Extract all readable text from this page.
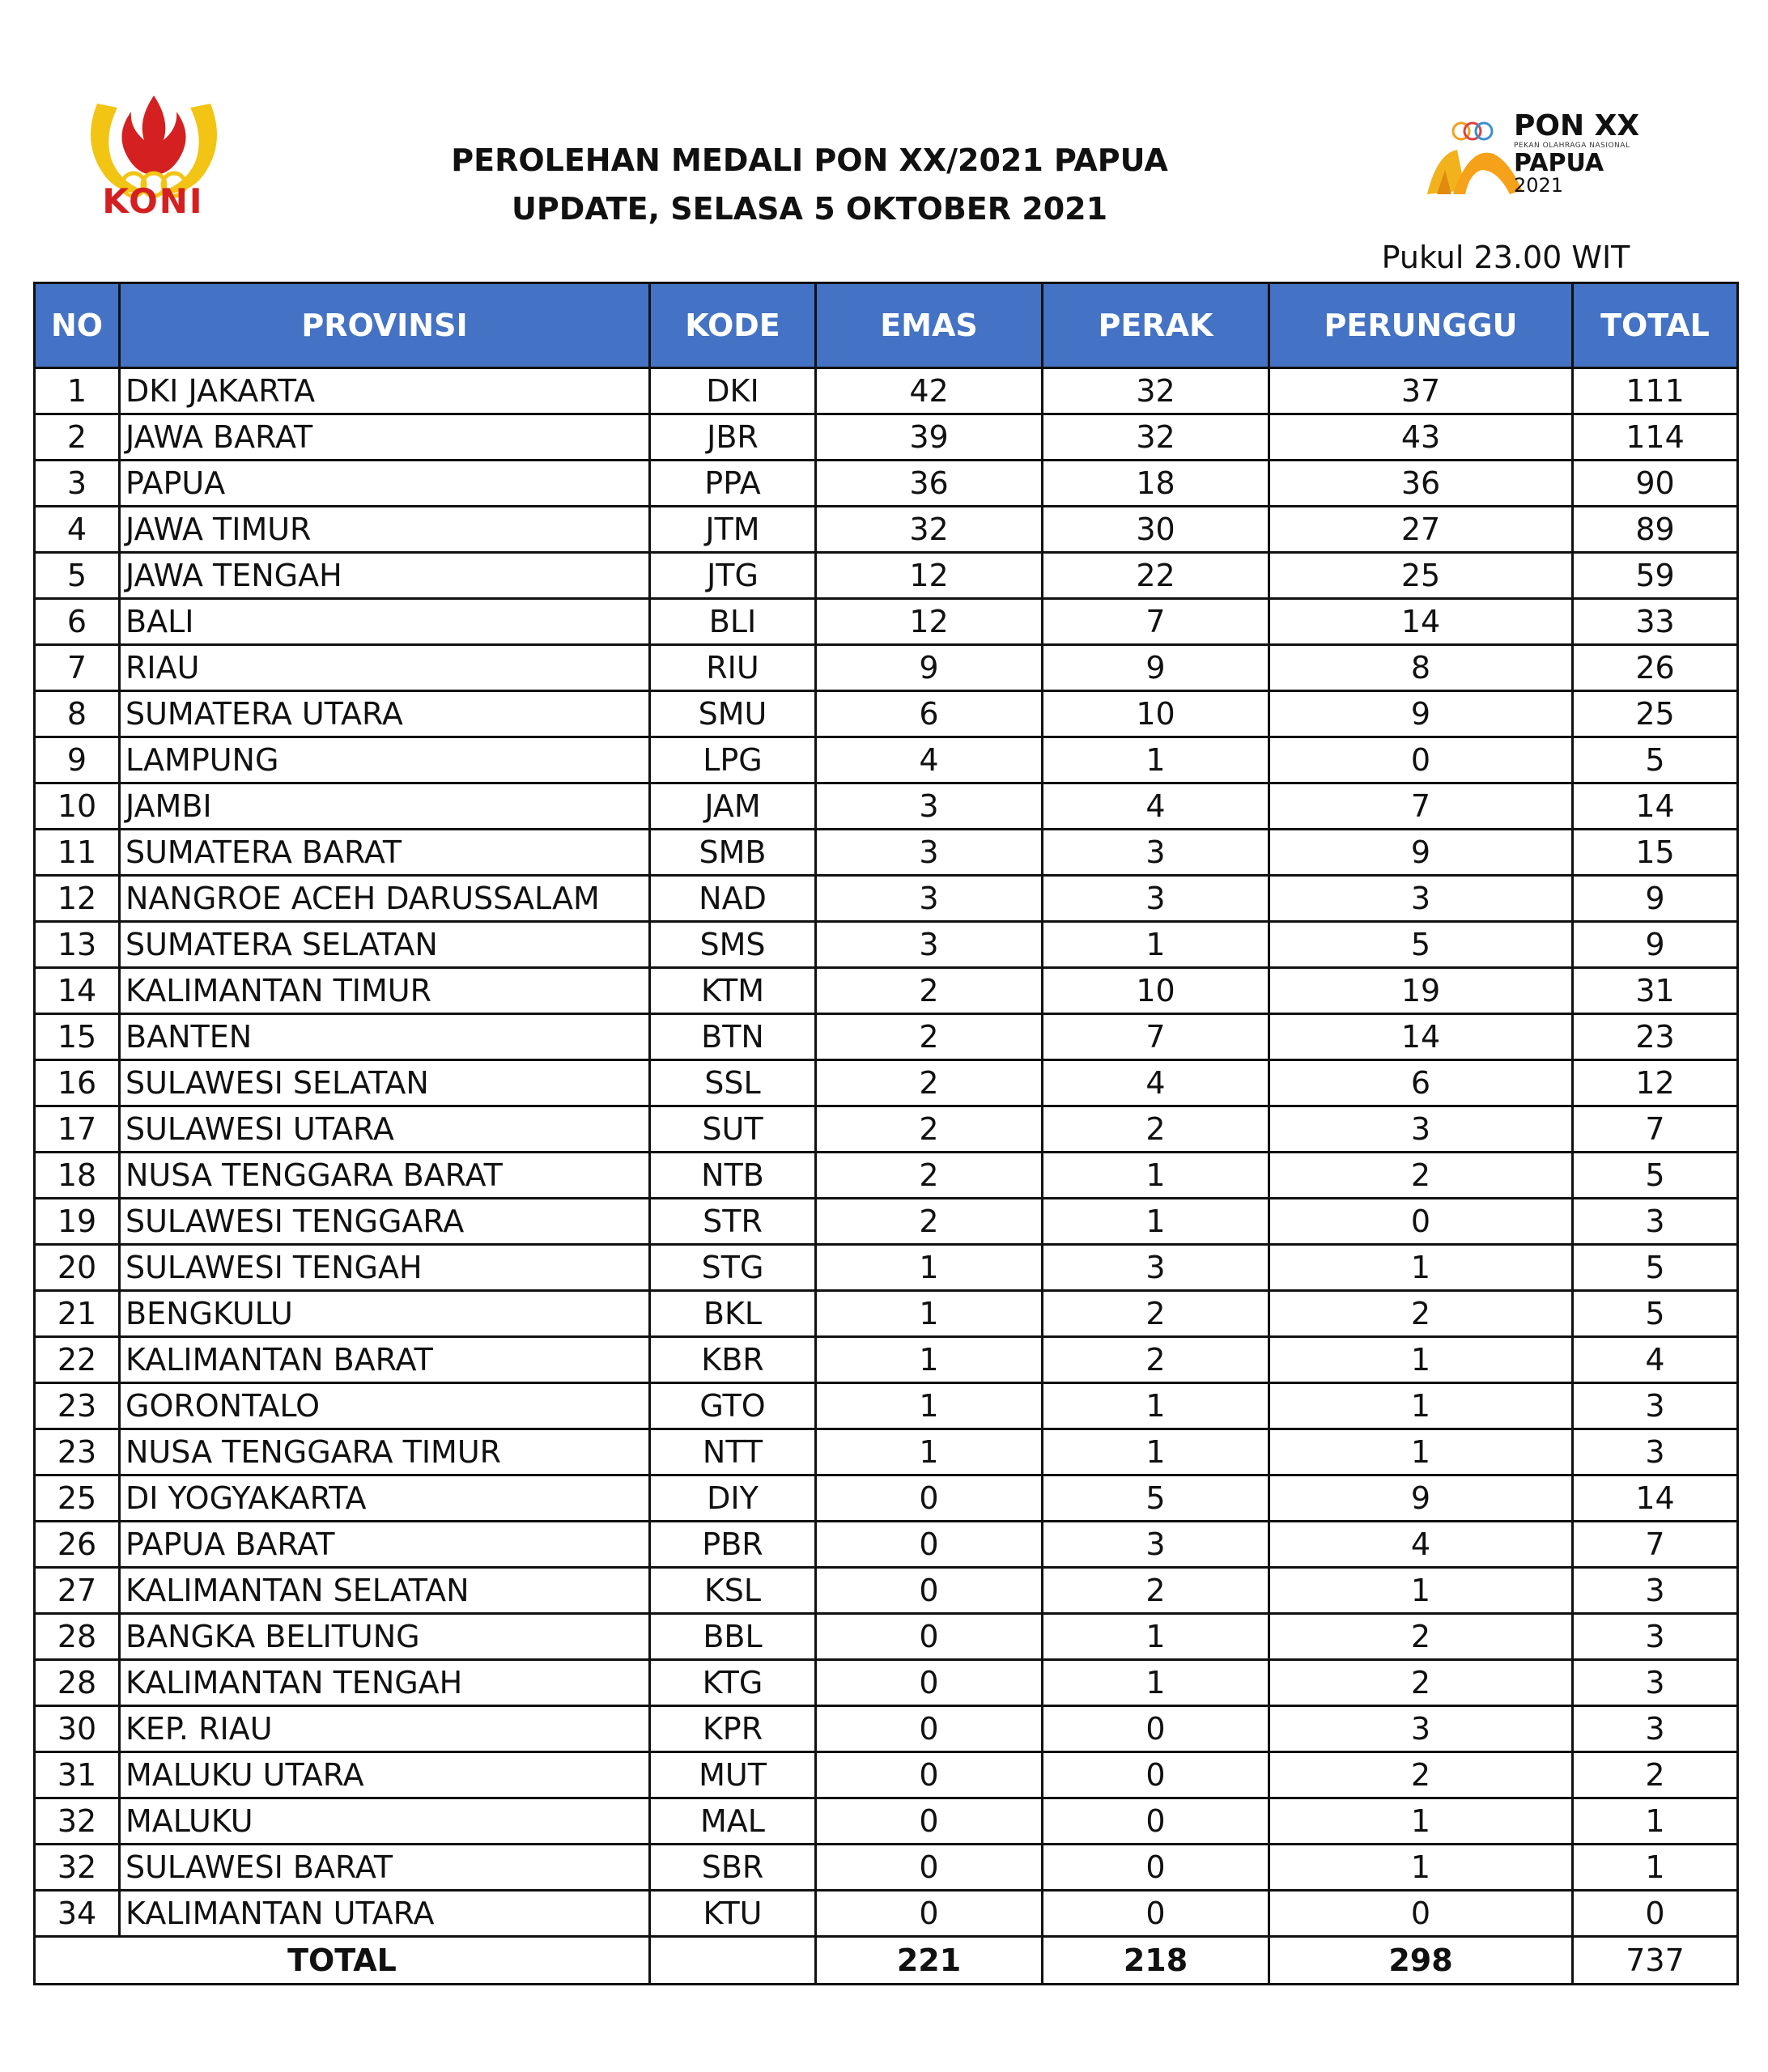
KONI
PEROLEHAN MEDALI PON XX/2021 PAPUA
UPDATE, SELASA 5 OKTOBER 2021
PON XX
PEKAN OLAHRAGA NASIONAL
PAPUA
2021
Pukul 23.00 WIT
NO	PROVINSI	KODE	EMAS	PERAK	PERUNGGU	TOTAL
1	DKI JAKARTA	DKI	42	32	37	111
2	JAWA BARAT	JBR	39	32	43	114
3	PAPUA	PPA	36	18	36	90
4	JAWA TIMUR	JTM	32	30	27	89
5	JAWA TENGAH	JTG	12	22	25	59
6	BALI	BLI	12	7	14	33
7	RIAU	RIU	9	9	8	26
8	SUMATERA UTARA	SMU	6	10	9	25
9	LAMPUNG	LPG	4	1	0	5
10	JAMBI	JAM	3	4	7	14
11	SUMATERA BARAT	SMB	3	3	9	15
12	NANGROE ACEH DARUSSALAM	NAD	3	3	3	9
13	SUMATERA SELATAN	SMS	3	1	5	9
14	KALIMANTAN TIMUR	KTM	2	10	19	31
15	BANTEN	BTN	2	7	14	23
16	SULAWESI SELATAN	SSL	2	4	6	12
17	SULAWESI UTARA	SUT	2	2	3	7
18	NUSA TENGGARA BARAT	NTB	2	1	2	5
19	SULAWESI TENGGARA	STR	2	1	0	3
20	SULAWESI TENGAH	STG	1	3	1	5
21	BENGKULU	BKL	1	2	2	5
22	KALIMANTAN BARAT	KBR	1	2	1	4
23	GORONTALO	GTO	1	1	1	3
23	NUSA TENGGARA TIMUR	NTT	1	1	1	3
25	DI YOGYAKARTA	DIY	0	5	9	14
26	PAPUA BARAT	PBR	0	3	4	7
27	KALIMANTAN SELATAN	KSL	0	2	1	3
28	BANGKA BELITUNG	BBL	0	1	2	3
28	KALIMANTAN TENGAH	KTG	0	1	2	3
30	KEP. RIAU	KPR	0	0	3	3
31	MALUKU UTARA	MUT	0	0	2	2
32	MALUKU	MAL	0	0	1	1
32	SULAWESI BARAT	SBR	0	0	1	1
34	KALIMANTAN UTARA	KTU	0	0	0	0
TOTAL			221	218	298	737
